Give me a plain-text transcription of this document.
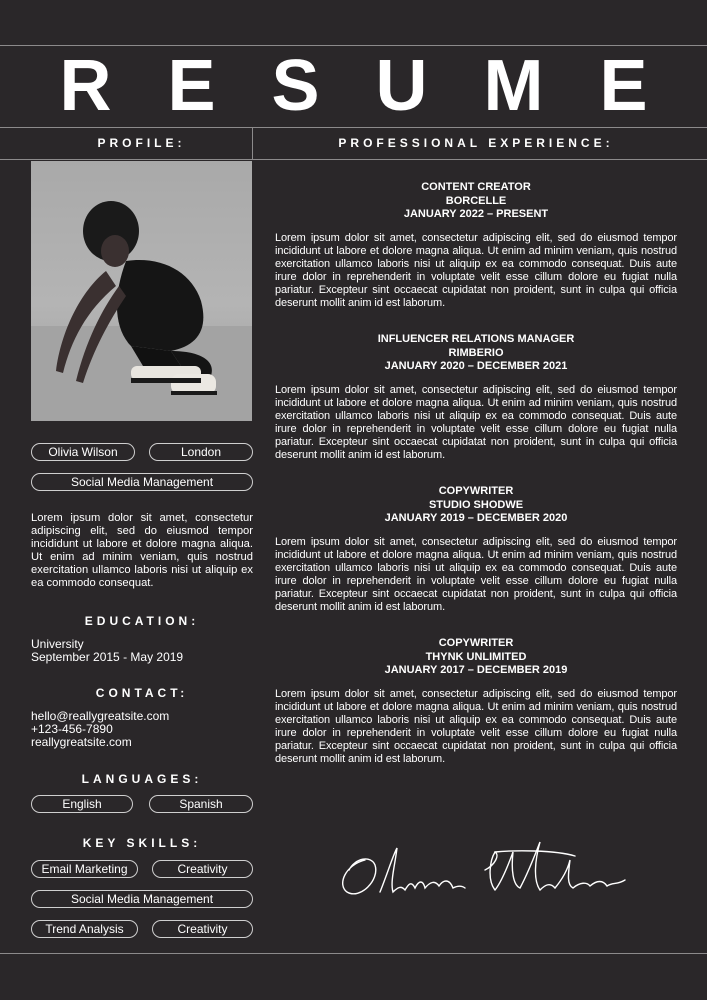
RESUME
PROFILE:	PROFESSIONAL EXPERIENCE:
Olivia Wilson	London
Social Media Management
Lorem ipsum dolor sit amet, consectetur adipiscing elit, sed do eiusmod tempor incididunt ut labore et dolore magna aliqua. Ut enim ad minim veniam, quis nostrud exercitation ullamco laboris nisi ut aliquip ex ea commodo consequat.
EDUCATION:
University
September 2015 - May 2019
CONTACT:
hello@reallygreatsite.com
+123-456-7890
reallygreatsite.com
LANGUAGES:
English	Spanish
KEY SKILLS:
Email Marketing	Creativity
Social Media Management
Trend Analysis	Creativity
CONTENT CREATOR
BORCELLE
JANUARY 2022 – PRESENT
Lorem ipsum dolor sit amet, consectetur adipiscing elit, sed do eiusmod tempor incididunt ut labore et dolore magna aliqua. Ut enim ad minim veniam, quis nostrud exercitation ullamco laboris nisi ut aliquip ex ea commodo consequat. Duis aute irure dolor in reprehenderit in voluptate velit esse cillum dolore eu fugiat nulla pariatur. Excepteur sint occaecat cupidatat non proident, sunt in culpa qui officia deserunt mollit anim id est laborum.
INFLUENCER RELATIONS MANAGER
RIMBERIO
JANUARY 2020 – DECEMBER 2021
Lorem ipsum dolor sit amet, consectetur adipiscing elit, sed do eiusmod tempor incididunt ut labore et dolore magna aliqua. Ut enim ad minim veniam, quis nostrud exercitation ullamco laboris nisi ut aliquip ex ea commodo consequat. Duis aute irure dolor in reprehenderit in voluptate velit esse cillum dolore eu fugiat nulla pariatur. Excepteur sint occaecat cupidatat non proident, sunt in culpa qui officia deserunt mollit anim id est laborum.
COPYWRITER
STUDIO SHODWE
JANUARY 2019 – DECEMBER 2020
Lorem ipsum dolor sit amet, consectetur adipiscing elit, sed do eiusmod tempor incididunt ut labore et dolore magna aliqua. Ut enim ad minim veniam, quis nostrud exercitation ullamco laboris nisi ut aliquip ex ea commodo consequat. Duis aute irure dolor in reprehenderit in voluptate velit esse cillum dolore eu fugiat nulla pariatur. Excepteur sint occaecat cupidatat non proident, sunt in culpa qui officia deserunt mollit anim id est laborum.
COPYWRITER
THYNK UNLIMITED
JANUARY 2017 – DECEMBER 2019
Lorem ipsum dolor sit amet, consectetur adipiscing elit, sed do eiusmod tempor incididunt ut labore et dolore magna aliqua. Ut enim ad minim veniam, quis nostrud exercitation ullamco laboris nisi ut aliquip ex ea commodo consequat. Duis aute irure dolor in reprehenderit in voluptate velit esse cillum dolore eu fugiat nulla pariatur. Excepteur sint occaecat cupidatat non proident, sunt in culpa qui officia deserunt mollit anim id est laborum.
